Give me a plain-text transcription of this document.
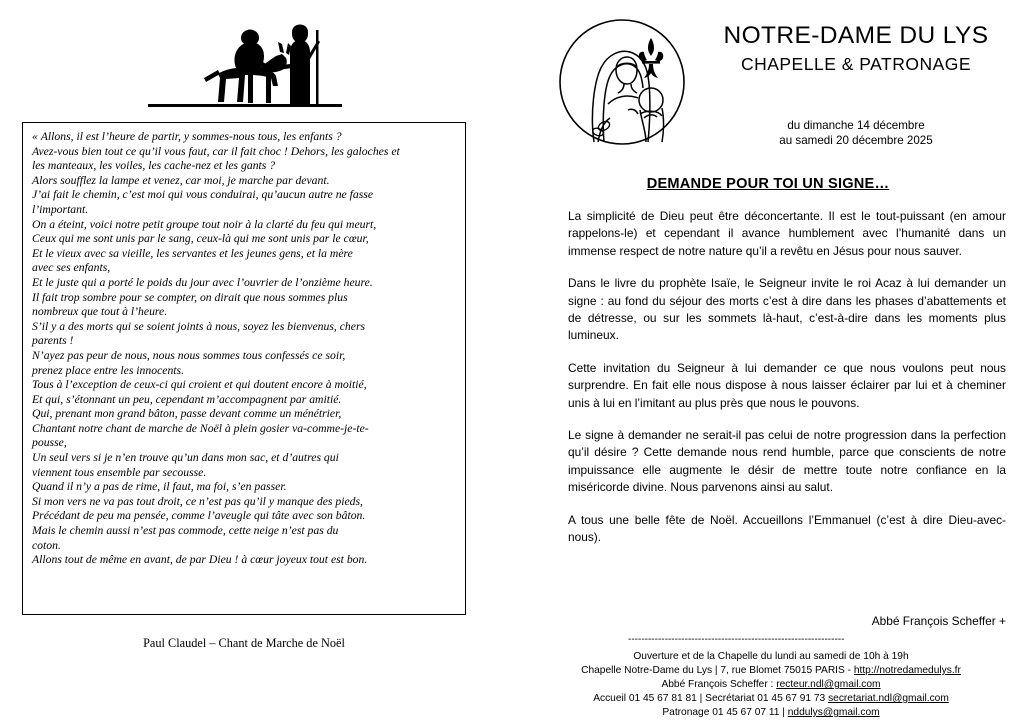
« Allons, il est l’heure de partir, y sommes-nous tous, les enfants ?
Avez-vous bien tout ce qu’il vous faut, car il fait choc ! Dehors, les galoches et
les manteaux, les voiles, les cache-nez et les gants ?
Alors soufflez la lampe et venez, car moi, je marche par devant.
J’ai fait le chemin, c’est moi qui vous conduirai, qu’aucun autre ne fasse
l’important.
On a éteint, voici notre petit groupe tout noir à la clarté du feu qui meurt,
Ceux qui me sont unis par le sang, ceux-là qui me sont unis par le cœur,
Et le vieux avec sa vieille, les servantes et les jeunes gens, et la mère
avec ses enfants,
Et le juste qui a porté le poids du jour avec l’ouvrier de l’onzième heure.
Il fait trop sombre pour se compter, on dirait que nous sommes plus
nombreux que tout à l’heure.
S’il y a des morts qui se soient joints à nous, soyez les bienvenus, chers
parents !
N’ayez pas peur de nous, nous nous sommes tous confessés ce soir,
prenez place entre les innocents.
Tous à l’exception de ceux-ci qui croient et qui doutent encore à moitié,
Et qui, s’étonnant un peu, cependant m’accompagnent par amitié.
Qui, prenant mon grand bâton, passe devant comme un ménétrier,
Chantant notre chant de marche de Noël à plein gosier va-comme-je-te-
pousse,
Un seul vers si je n’en trouve qu’un dans mon sac, et d’autres qui
viennent tous ensemble par secousse.
Quand il n’y a pas de rime, il faut, ma foi, s’en passer.
Si mon vers ne va pas tout droit, ce n’est pas qu’il y manque des pieds,
Précédant de peu ma pensée, comme l’aveugle qui tâte avec son bâton.
Mais le chemin aussi n’est pas commode, cette neige n’est pas du
coton.
Allons tout de même en avant, de par Dieu ! à cœur joyeux tout est bon.
Paul Claudel – Chant de Marche de Noël
NOTRE-DAME DU LYS
CHAPELLE & PATRONAGE
du dimanche 14 décembre
au samedi 20 décembre 2025
DEMANDE POUR TOI UN SIGNE…

La simplicité de Dieu peut être déconcertante. Il est le tout-puissant (en amour rappelons-le) et cependant il avance humblement avec l’humanité dans un immense respect de notre nature qu’il a revêtu en Jésus pour nous sauver.

Dans le livre du prophète Isaïe, le Seigneur invite le roi Acaz à lui demander un signe : au fond du séjour des morts c’est à dire dans les phases d’abattements et de détresse, ou sur les sommets là-haut, c’est-à-dire dans les moments plus lumineux.

Cette invitation du Seigneur à lui demander ce que nous voulons peut nous surprendre. En fait elle nous dispose à nous laisser éclairer par lui et à cheminer unis à lui en l’imitant au plus près que nous le pouvons.

Le signe à demander ne serait-il pas celui de notre progression dans la perfection qu’il désire ? Cette demande nous rend humble, parce que conscients de notre impuissance elle augmente le désir de mettre toute notre confiance en la miséricorde divine. Nous parvenons ainsi au salut.

A tous une belle fête de Noël. Accueillons l’Emmanuel (c’est à dire Dieu-avec-nous).

Abbé François Scheffer +
-----------------------------------------------------------------
Ouverture et de la Chapelle du lundi au samedi de 10h à 19h
Chapelle Notre-Dame du Lys | 7, rue Blomet 75015 PARIS - http://notredamedulys.fr
Abbé François Scheffer : recteur.ndl@gmail.com
Accueil 01 45 67 81 81 | Secrétariat 01 45 67 91 73 secretariat.ndl@gmail.com
Patronage 01 45 67 07 11 | nddulys@gmail.com
